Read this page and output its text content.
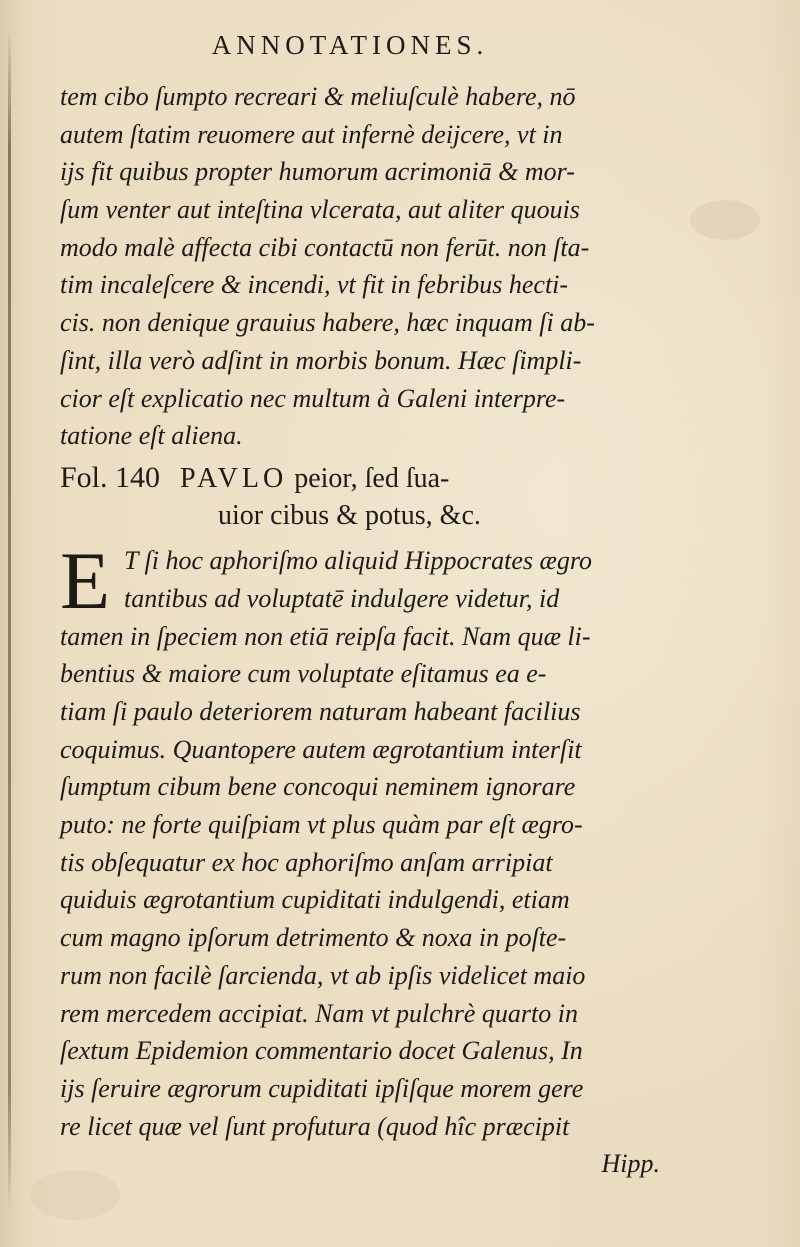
ANNOTATIONES.
tem cibo ſumpto recreari & meliuſculè habere, nō
autem ſtatim reuomere aut infernè deijcere, vt in
ijs fit quibus propter humorum acrimoniā & mor-
ſum venter aut inteſtina vlcerata, aut aliter quouis
modo malè affecta cibi contactū non ferūt. non ſta-
tim incaleſcere & incendi, vt fit in febribus hecti-
cis. non denique grauius habere, hæc inquam ſi ab-
ſint, illa verò adſint in morbis bonum. Hæc ſimpli-
cior eſt explicatio nec multum à Galeni interpre-
tatione eſt aliena.
Fol. 140 PAVLO peior, ſed ſua-
uior cibus & potus, &c.
E T ſi hoc aphoriſmo aliquid Hippocrates ægro
tantibus ad voluptatē indulgere videtur, id
tamen in ſpeciem non etiā reipſa facit. Nam quæ li-
bentius & maiore cum voluptate eſitamus ea e-
tiam ſi paulo deteriorem naturam habeant facilius
coquimus. Quantopere autem ægrotantium interſit
ſumptum cibum bene concoqui neminem ignorare
puto: ne forte quiſpiam vt plus quàm par eſt ægro-
tis obſequatur ex hoc aphoriſmo anſam arripiat
quiduis ægrotantium cupiditati indulgendi, etiam
cum magno ipſorum detrimento & noxa in poſte-
rum non facilè ſarcienda, vt ab ipſis videlicet maio
rem mercedem accipiat. Nam vt pulchrè quarto in
ſextum Epidemion commentario docet Galenus, In
ijs ſeruire ægrorum cupiditati ipſiſque morem gere
re licet quæ vel ſunt profutura (quod hîc præcipit
Hipp.
